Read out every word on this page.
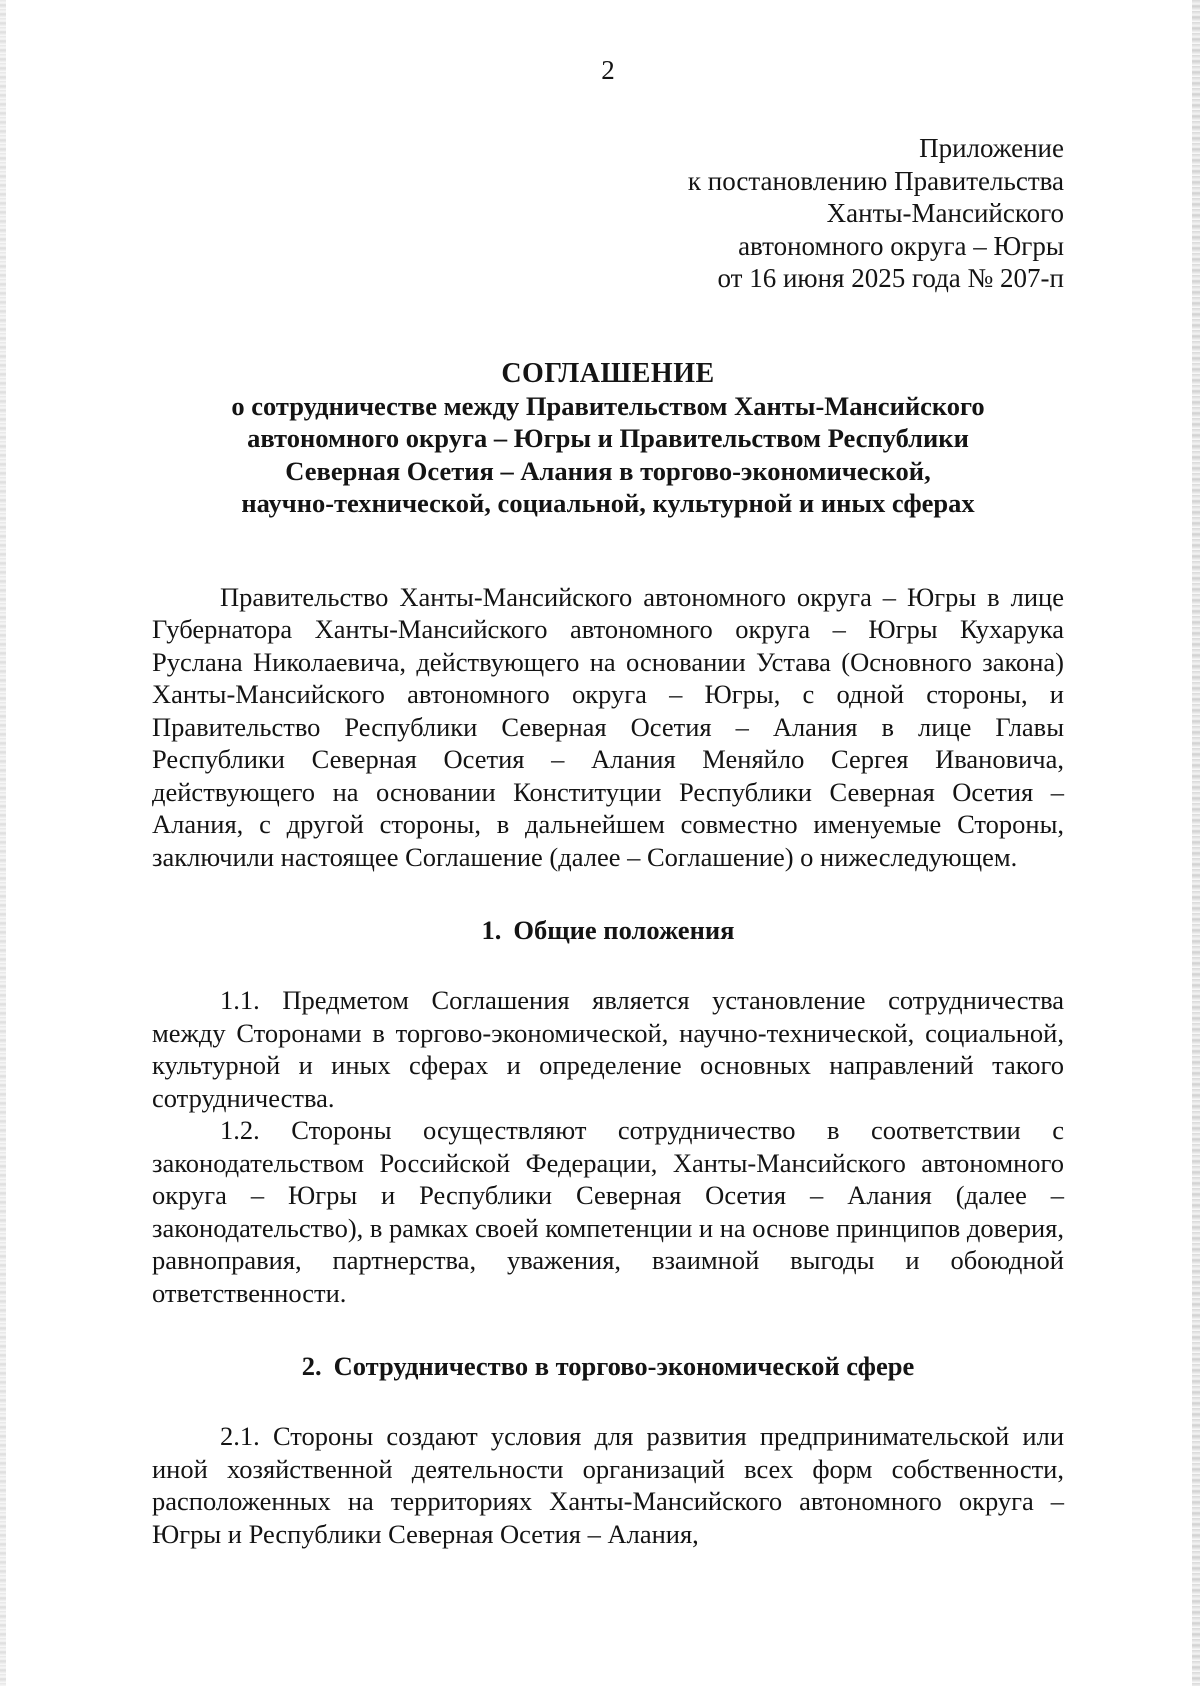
2
Приложение
к постановлению Правительства
Ханты-Мансийского
автономного округа – Югры
от 16 июня 2025 года № 207-п
СОГЛАШЕНИЕ
о сотрудничестве между Правительством Ханты-Мансийского
автономного округа – Югры и Правительством Республики
Северная Осетия – Алания в торгово-экономической,
научно-технической, социальной, культурной и иных сферах

Правительство Ханты-Мансийского автономного округа – Югры в лице Губернатора Ханты-Мансийского автономного округа – Югры Кухарука Руслана Николаевича, действующего на основании Устава (Основного закона) Ханты-Мансийского автономного округа – Югры, с одной стороны, и Правительство Республики Северная Осетия – Алания в лице Главы Республики Северная Осетия – Алания Меняйло Сергея Ивановича, действующего на основании Конституции Республики Северная Осетия – Алания, с другой стороны, в дальнейшем совместно именуемые Стороны, заключили настоящее Соглашение (далее – Соглашение) о нижеследующем.

1. Общие положения

1.1. Предметом Соглашения является установление сотрудничества между Сторонами в торгово-экономической, научно-технической, социальной, культурной и иных сферах и определение основных направлений такого сотрудничества.

1.2. Стороны осуществляют сотрудничество в соответствии с законодательством Российской Федерации, Ханты-Мансийского автономного округа – Югры и Республики Северная Осетия – Алания (далее – законодательство), в рамках своей компетенции и на основе принципов доверия, равноправия, партнерства, уважения, взаимной выгоды и обоюдной ответственности.

2. Сотрудничество в торгово-экономической сфере

2.1. Стороны создают условия для развития предпринимательской или иной хозяйственной деятельности организаций всех форм собственности, расположенных на территориях Ханты-Мансийского автономного округа – Югры и Республики Северная Осетия – Алания,
